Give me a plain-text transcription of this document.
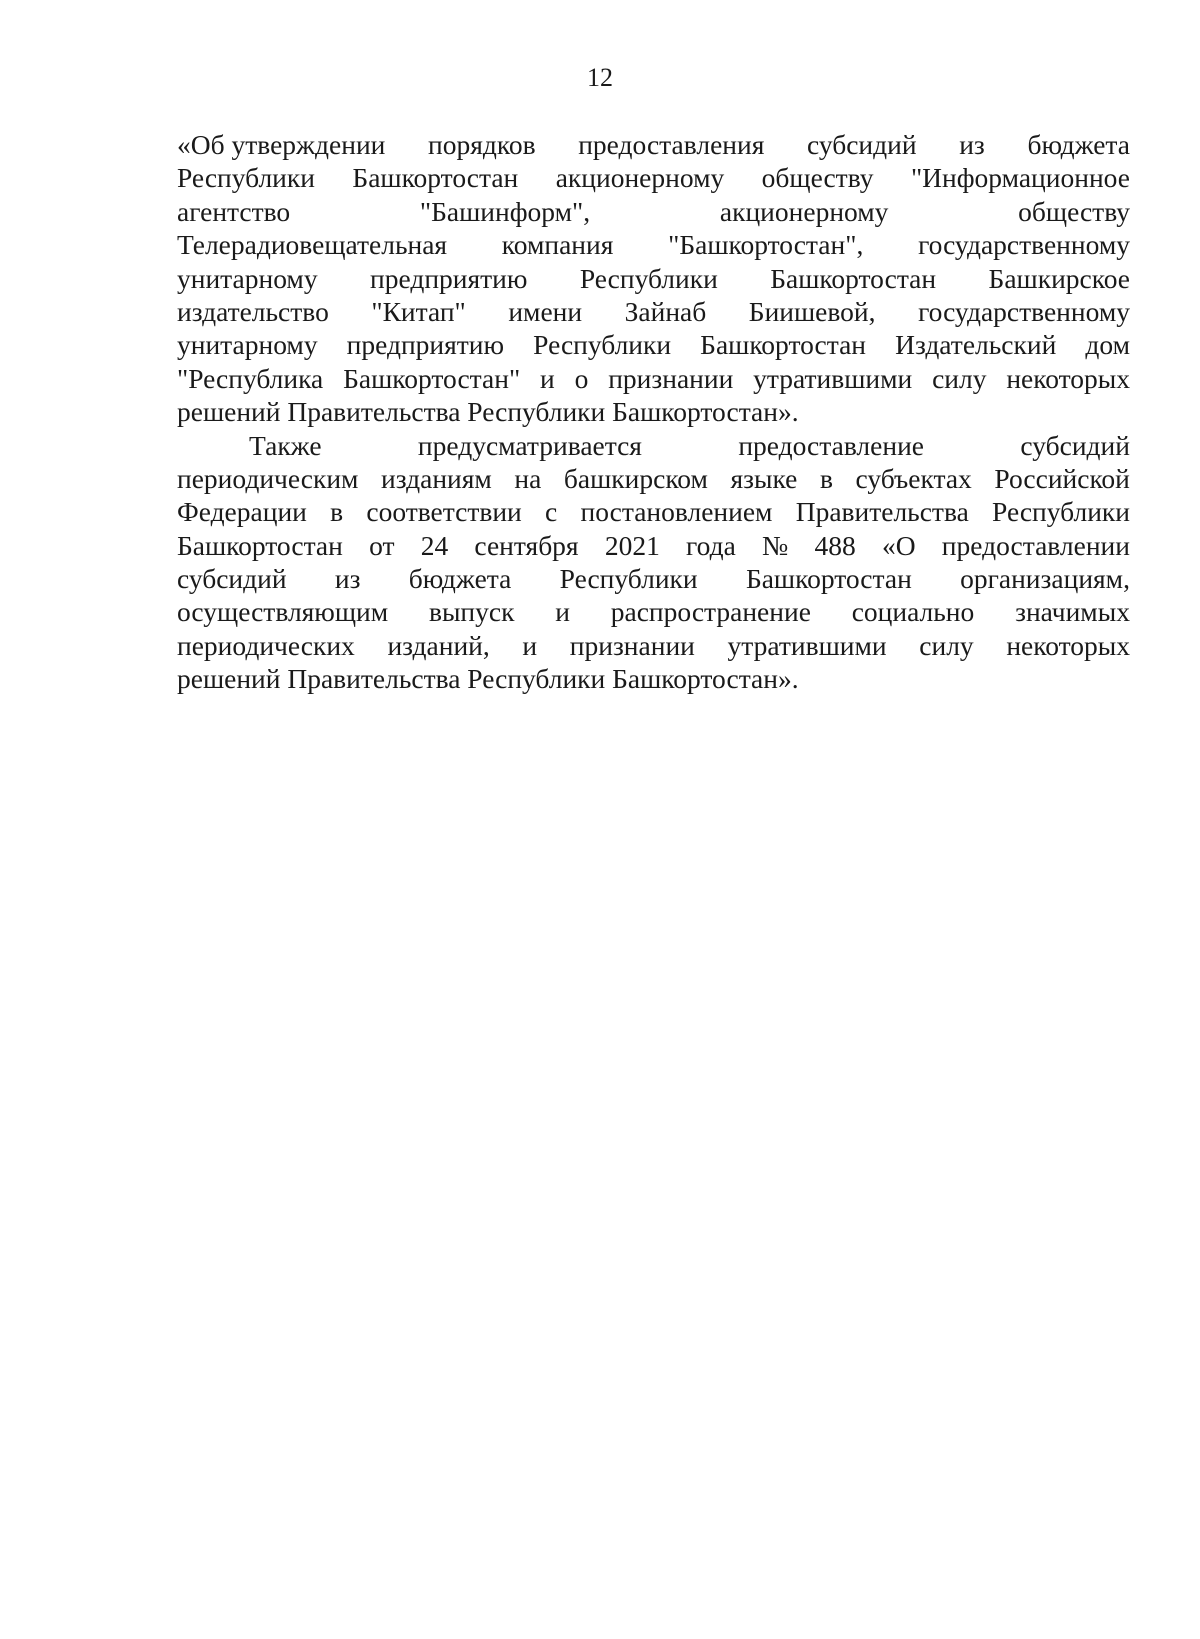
12
«Об утверждении порядков предоставления субсидий из бюджета
Республики Башкортостан акционерному обществу "Информационное
агентство	"Башинформ",	акционерному	обществу
Телерадиовещательная компания "Башкортостан", государственному
унитарному предприятию Республики Башкортостан Башкирское
издательство "Китап" имени Зайнаб Биишевой, государственному
унитарному предприятию Республики Башкортостан Издательский дом
"Республика Башкортостан" и о признании утратившими силу некоторых
решений Правительства Республики Башкортостан».
Также	предусматривается	предоставление	субсидий
периодическим изданиям на башкирском языке в субъектах Российской
Федерации в соответствии с постановлением Правительства Республики
Башкортостан от 24 сентября 2021 года № 488 «О предоставлении
субсидий из бюджета Республики Башкортостан организациям,
осуществляющим выпуск и распространение социально значимых
периодических изданий, и признании утратившими силу некоторых
решений Правительства Республики Башкортостан».
